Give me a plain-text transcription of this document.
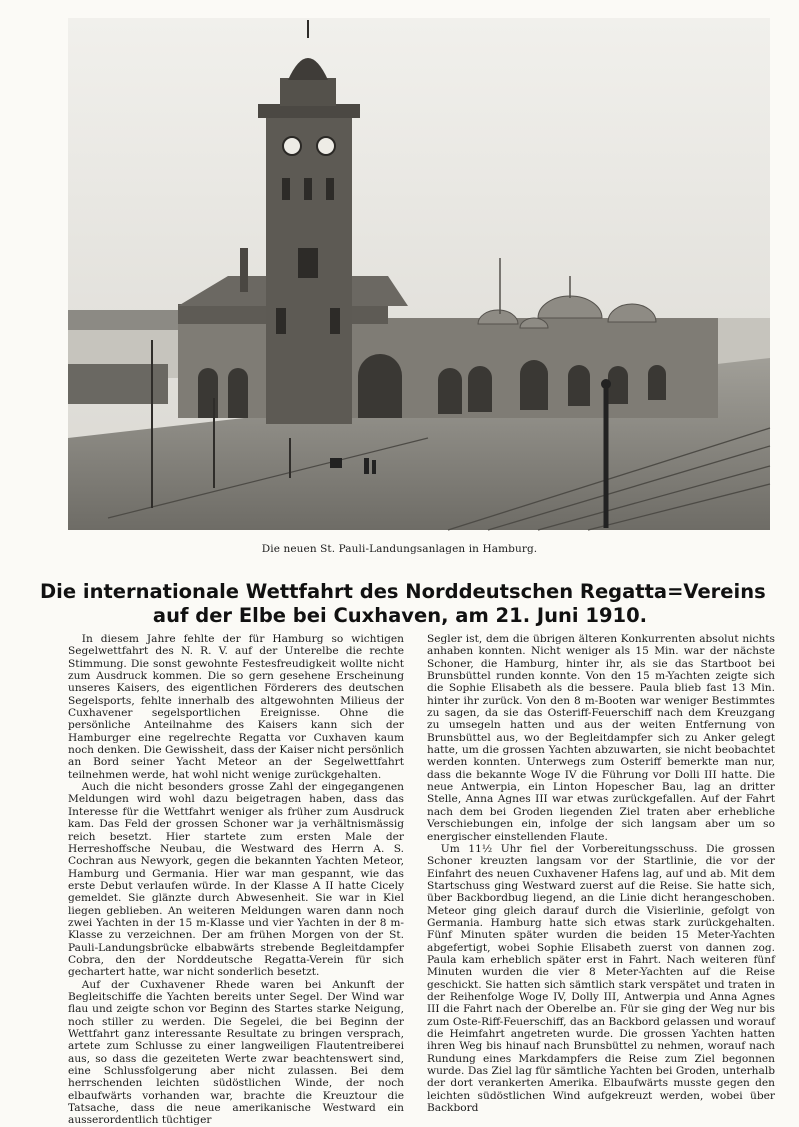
Die neuen St. Pauli-Landungsanlagen in Hamburg.
Die internationale Wettfahrt des Norddeutschen Regatta=Vereins
auf der Elbe bei Cuxhaven, am 21. Juni 1910.

In diesem Jahre fehlte der für Hamburg so wichtigen Segelwettfahrt des N. R. V. auf der Unterelbe die rechte Stimmung. Die sonst gewohnte Festesfreudigkeit wollte nicht zum Ausdruck kommen. Die so gern gesehene Erscheinung unseres Kaisers, des eigentlichen Förderers des deutschen Segelsports, fehlte innerhalb des altgewohnten Milieus der Cuxhavener segelsportlichen Ereignisse. Ohne die persönliche Anteilnahme des Kaisers kann sich der Hamburger eine regelrechte Regatta vor Cuxhaven kaum noch denken. Die Gewissheit, dass der Kaiser nicht persönlich an Bord seiner Yacht Meteor an der Segelwettfahrt teilnehmen werde, hat wohl nicht wenige zurückgehalten.

Auch die nicht besonders grosse Zahl der eingegangenen Meldungen wird wohl dazu beigetragen haben, dass das Interesse für die Wettfahrt weniger als früher zum Ausdruck kam. Das Feld der grossen Schoner war ja verhältnismässig reich besetzt. Hier startete zum ersten Male der Herreshoffsche Neubau, die Westward des Herrn A. S. Cochran aus Newyork, gegen die bekannten Yachten Meteor, Hamburg und Germania. Hier war man gespannt, wie das erste Debut verlaufen würde. In der Klasse A II hatte Cicely gemeldet. Sie glänzte durch Abwesenheit. Sie war in Kiel liegen geblieben. An weiteren Meldungen waren dann noch zwei Yachten in der 15 m-Klasse und vier Yachten in der 8 m-Klasse zu verzeichnen. Der am frühen Morgen von der St. Pauli-Landungsbrücke elbabwärts strebende Begleitdampfer Cobra, den der Norddeutsche Regatta-Verein für sich gechartert hatte, war nicht sonderlich besetzt.

Auf der Cuxhavener Rhede waren bei Ankunft der Begleitschiffe die Yachten bereits unter Segel. Der Wind war flau und zeigte schon vor Beginn des Startes starke Neigung, noch stiller zu werden. Die Segelei, die bei Beginn der Wettfahrt ganz interessante Resultate zu bringen versprach, artete zum Schlusse zu einer langweiligen Flautentreiberei aus, so dass die gezeiteten Werte zwar beachtenswert sind, eine Schlussfolgerung aber nicht zulassen. Bei dem herrschenden leichten südöstlichen Winde, der noch elbaufwärts vorhanden war, brachte die Kreuztour die Tatsache, dass die neue amerikanische Westward ein ausserordentlich tüchtiger

Segler ist, dem die übrigen älteren Konkurrenten absolut nichts anhaben konnten. Nicht weniger als 15 Min. war der nächste Schoner, die Hamburg, hinter ihr, als sie das Startboot bei Brunsbüttel runden konnte. Von den 15 m-Yachten zeigte sich die Sophie Elisabeth als die bessere. Paula blieb fast 13 Min. hinter ihr zurück. Von den 8 m-Booten war weniger Bestimmtes zu sagen, da sie das Osteriff-Feuerschiff nach dem Kreuzgang zu umsegeln hatten und aus der weiten Entfernung von Brunsbüttel aus, wo der Begleitdampfer sich zu Anker gelegt hatte, um die grossen Yachten abzuwarten, sie nicht beobachtet werden konnten. Unterwegs zum Osteriff bemerkte man nur, dass die bekannte Woge IV die Führung vor Dolli III hatte. Die neue Antwerpia, ein Linton Hopescher Bau, lag an dritter Stelle, Anna Agnes III war etwas zurückgefallen. Auf der Fahrt nach dem bei Groden liegenden Ziel traten aber erhebliche Verschiebungen ein, infolge der sich langsam aber um so energischer einstellenden Flaute.

Um 11½ Uhr fiel der Vorbereitungsschuss. Die grossen Schoner kreuzten langsam vor der Startlinie, die vor der Einfahrt des neuen Cuxhavener Hafens lag, auf und ab. Mit dem Startschuss ging Westward zuerst auf die Reise. Sie hatte sich, über Backbordbug liegend, an die Linie dicht herangeschoben. Meteor ging gleich darauf durch die Visierlinie, gefolgt von Germania. Hamburg hatte sich etwas stark zurückgehalten. Fünf Minuten später wurden die beiden 15 Meter-Yachten abgefertigt, wobei Sophie Elisabeth zuerst von dannen zog. Paula kam erheblich später erst in Fahrt. Nach weiteren fünf Minuten wurden die vier 8 Meter-Yachten auf die Reise geschickt. Sie hatten sich sämtlich stark verspätet und traten in der Reihenfolge Woge IV, Dolly III, Antwerpia und Anna Agnes III die Fahrt nach der Oberelbe an. Für sie ging der Weg nur bis zum Oste-Riff-Feuerschiff, das an Backbord gelassen und worauf die Heimfahrt angetreten wurde. Die grossen Yachten hatten ihren Weg bis hinauf nach Brunsbüttel zu nehmen, worauf nach Rundung eines Markdampfers die Reise zum Ziel begonnen wurde. Das Ziel lag für sämtliche Yachten bei Groden, unterhalb der dort verankerten Amerika. Elbaufwärts musste gegen den leichten südöstlichen Wind aufgekreuzt werden, wobei über Backbord
